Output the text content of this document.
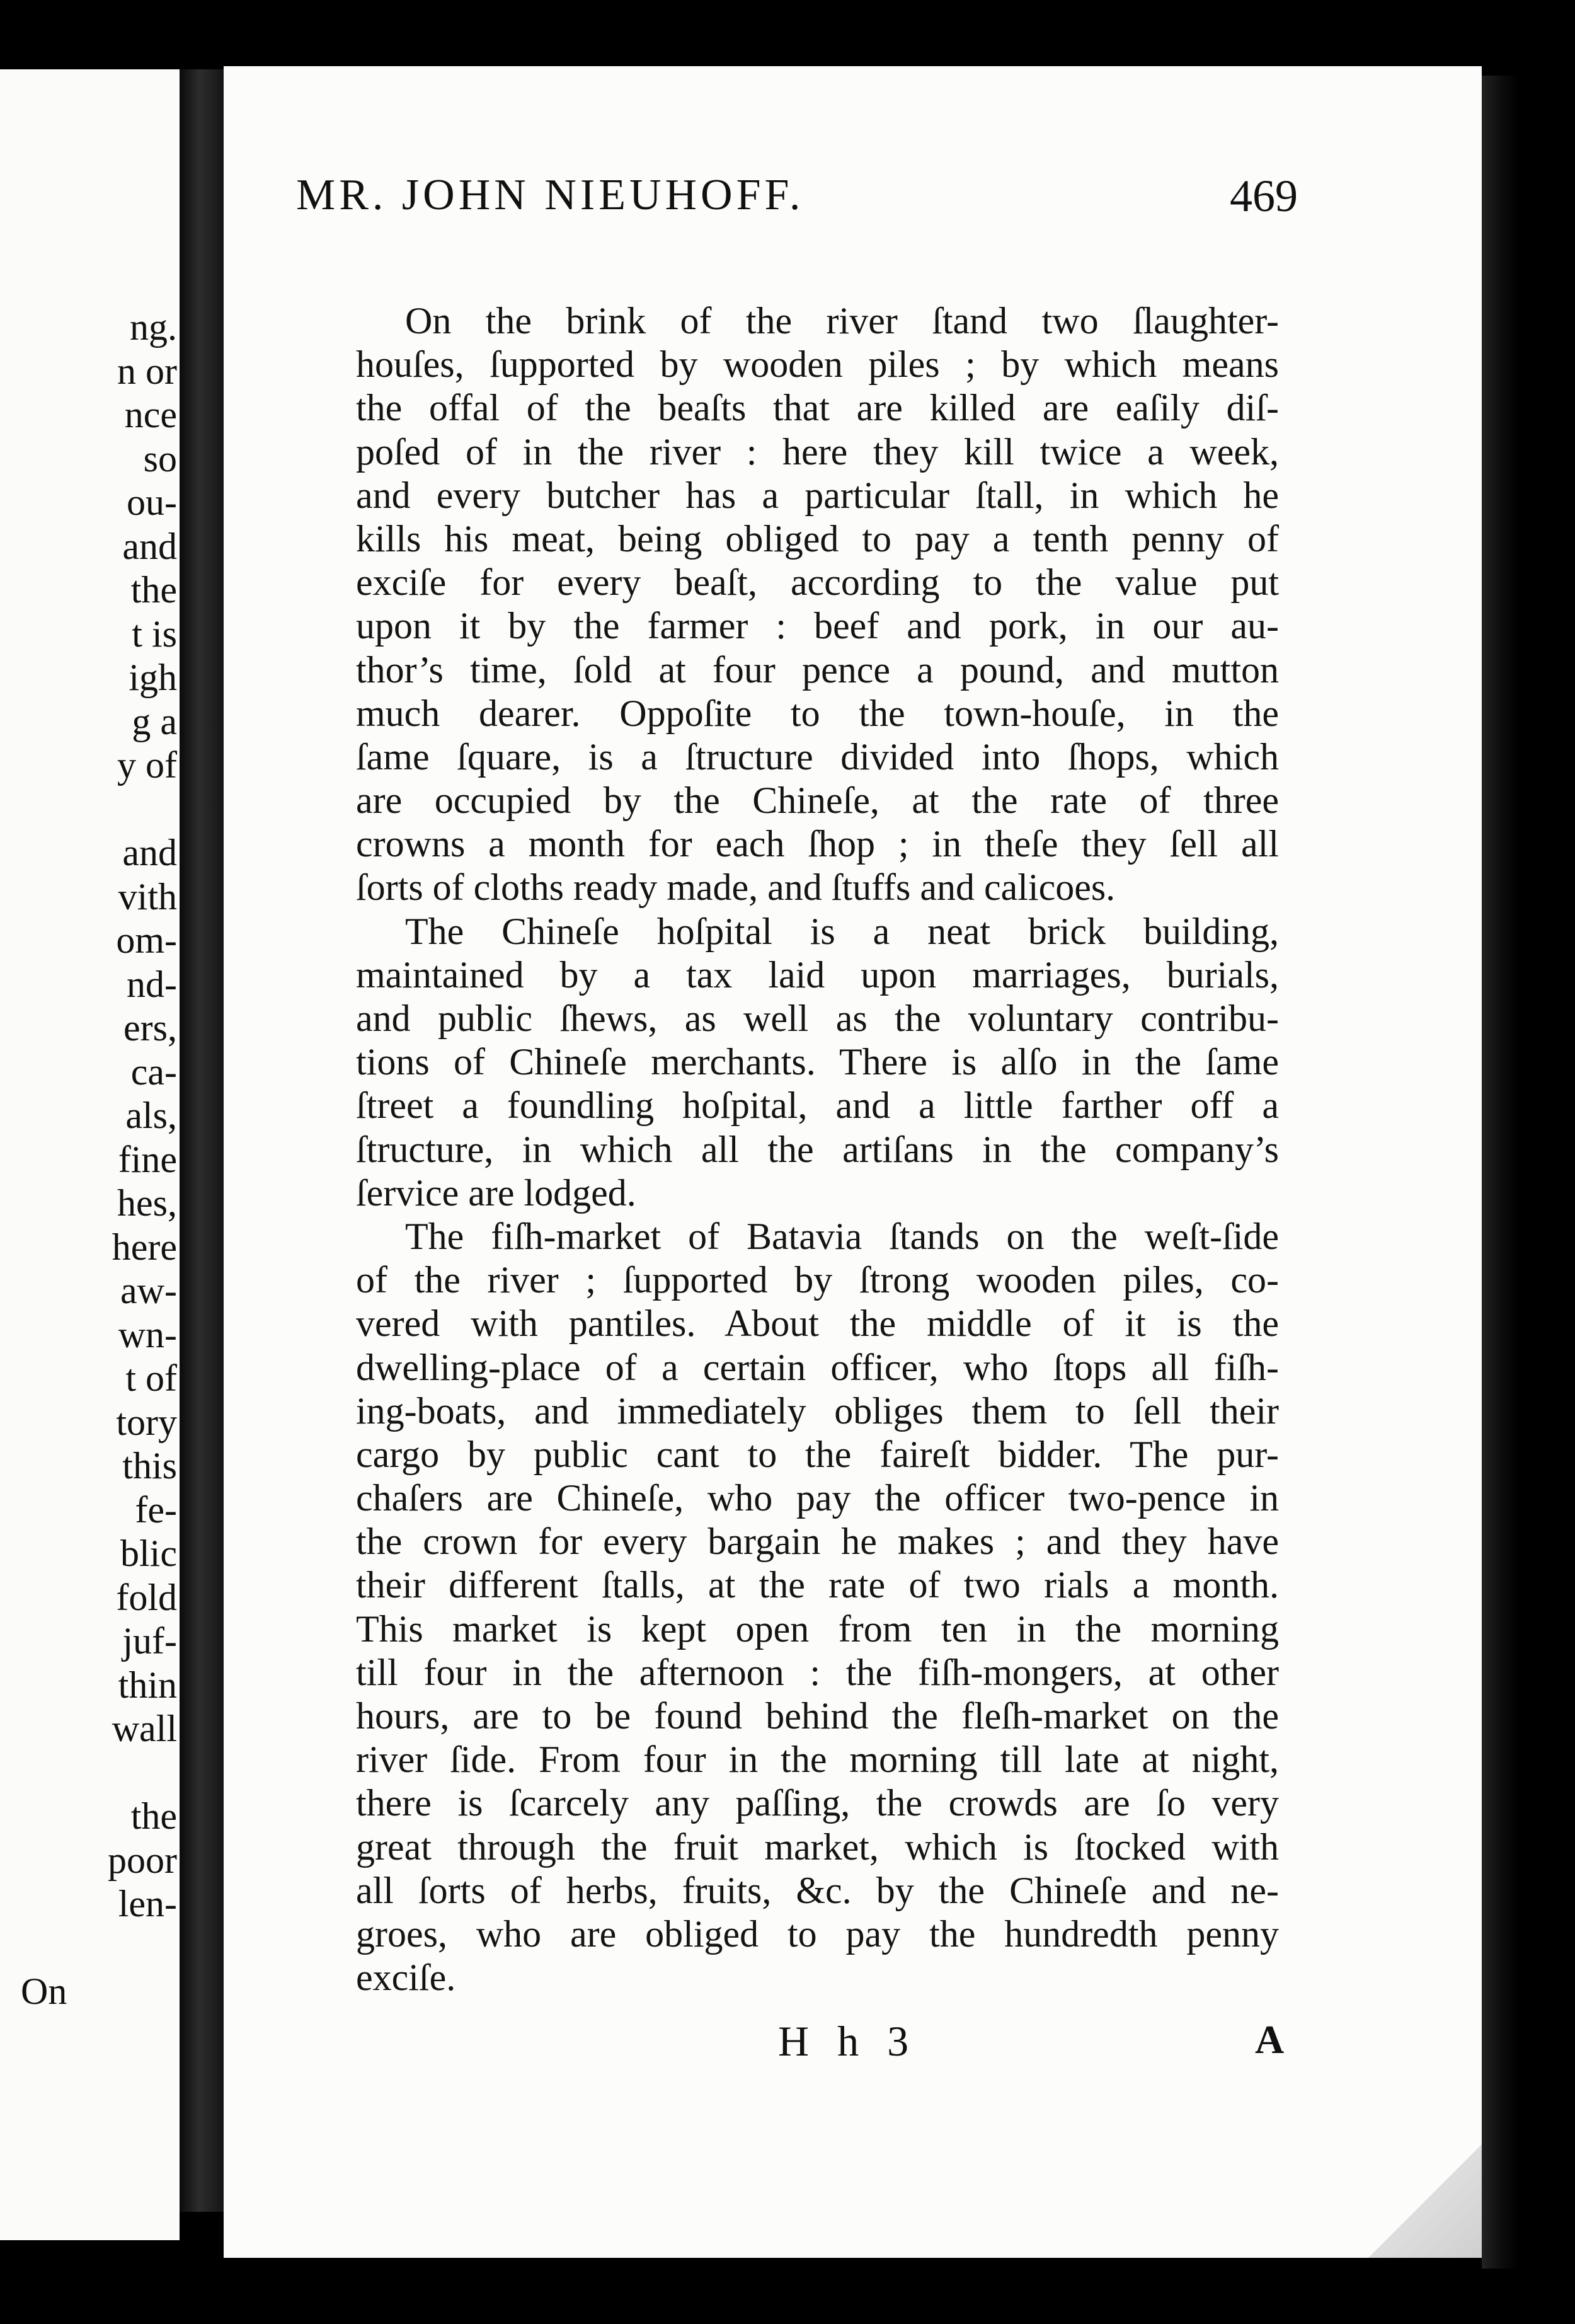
ng.
n or
nce
so
ou-
and
the
t is
igh
g a
y of
and
vith
om-
nd-
ers,
ca-
als,
fine
hes,
here
aw-
wn-
t of
tory
this
fe-
blic
fold
juf-
thin
wall
the
poor
len-
On
MR. JOHN NIEUHOFF.	469
On the brink of the river ſtand two ſlaughter-
houſes, ſupported by wooden piles ; by which means
the offal of the beaſts that are killed are eaſily diſ-
poſed of in the river : here they kill twice a week,
and every butcher has a particular ſtall, in which he
kills his meat, being obliged to pay a tenth penny of
exciſe for every beaſt, according to the value put
upon it by the farmer : beef and pork, in our au-
thor’s time, ſold at four pence a pound, and mutton
much dearer. Oppoſite to the town-houſe, in the
ſame ſquare, is a ſtructure divided into ſhops, which
are occupied by the Chineſe, at the rate of three
crowns a month for each ſhop ; in theſe they ſell all
ſorts of cloths ready made, and ſtuffs and calicoes.
The Chineſe hoſpital is a neat brick building,
maintained by a tax laid upon marriages, burials,
and public ſhews, as well as the voluntary contribu-
tions of Chineſe merchants. There is alſo in the ſame
ſtreet a foundling hoſpital, and a little farther off a
ſtructure, in which all the artiſans in the company’s
ſervice are lodged.
The fiſh-market of Batavia ſtands on the weſt-ſide
of the river ; ſupported by ſtrong wooden piles, co-
vered with pantiles. About the middle of it is the
dwelling-place of a certain officer, who ſtops all fiſh-
ing-boats, and immediately obliges them to ſell their
cargo by public cant to the faireſt bidder. The pur-
chaſers are Chineſe, who pay the officer two-pence in
the crown for every bargain he makes ; and they have
their different ſtalls, at the rate of two rials a month.
This market is kept open from ten in the morning
till four in the afternoon : the fiſh-mongers, at other
hours, are to be found behind the fleſh-market on the
river ſide. From four in the morning till late at night,
there is ſcarcely any paſſing, the crowds are ſo very
great through the fruit market, which is ſtocked with
all ſorts of herbs, fruits, &c. by the Chineſe and ne-
groes, who are obliged to pay the hundredth penny
exciſe.
H h 3	A
